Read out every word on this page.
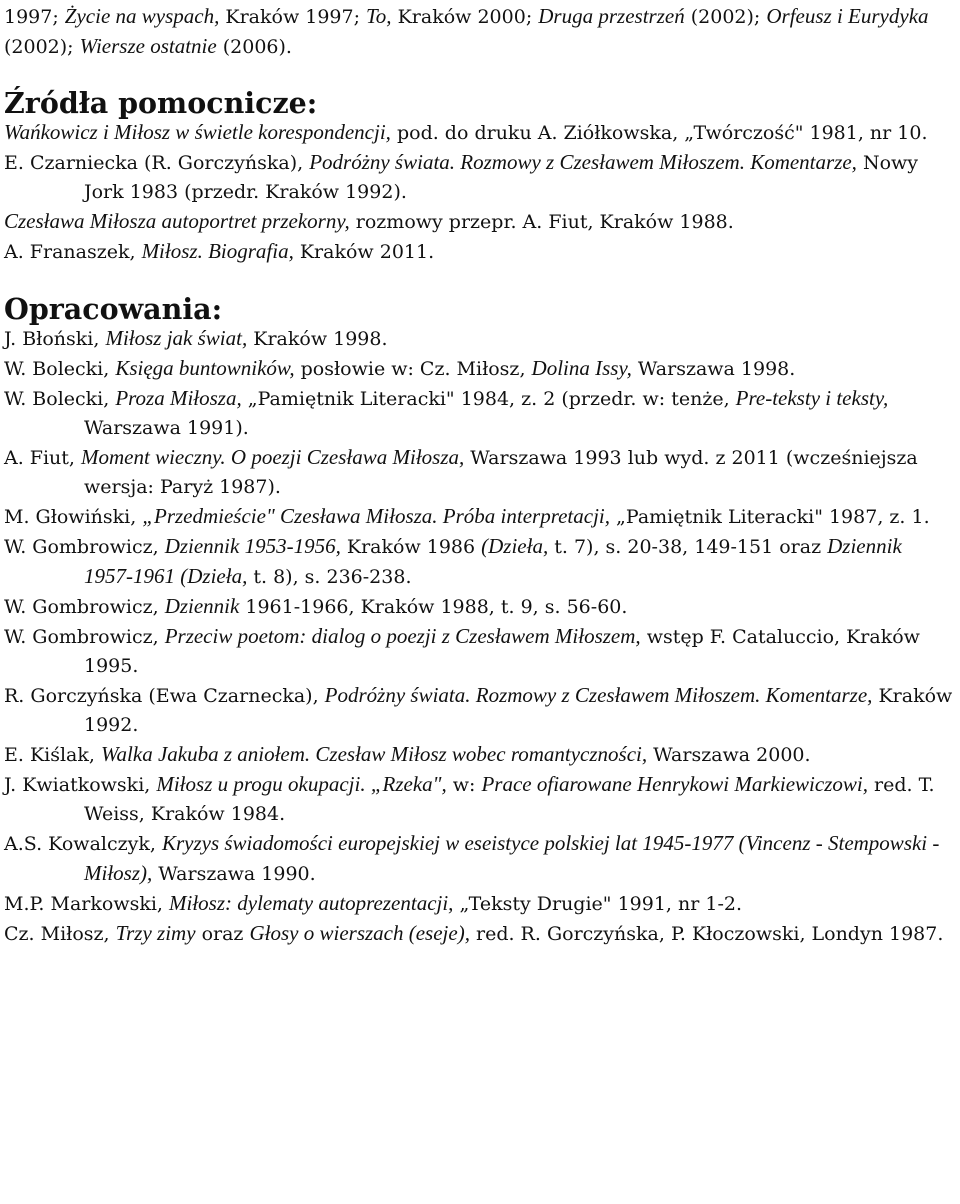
1997; Życie na wyspach, Kraków 1997; To, Kraków 2000; Druga przestrzeń (2002); Orfeusz i Eurydyka (2002); Wiersze ostatnie (2006).

Źródła pomocnicze:
Wańkowicz i Miłosz w świetle korespondencji, pod. do druku A. Ziółkowska, „Twórczość" 1981, nr 10.
E. Czarniecka (R. Gorczyńska), Podróżny świata. Rozmowy z Czesławem Miłoszem. Komentarze, Nowy Jork 1983 (przedr. Kraków 1992).
Czesława Miłosza autoportret przekorny, rozmowy przepr. A. Fiut, Kraków 1988.
A. Franaszek, Miłosz. Biografia, Kraków 2011.
Opracowania:
J. Błoński, Miłosz jak świat, Kraków 1998.
W. Bolecki, Księga buntowników, posłowie w: Cz. Miłosz, Dolina Issy, Warszawa 1998.
W. Bolecki, Proza Miłosza, „Pamiętnik Literacki" 1984, z. 2 (przedr. w: tenże, Pre-teksty i teksty, Warszawa 1991).
A. Fiut, Moment wieczny. O poezji Czesława Miłosza, Warszawa 1993 lub wyd. z 2011 (wcześniejsza wersja: Paryż 1987).
M. Głowiński, „Przedmieście" Czesława Miłosza. Próba interpretacji, „Pamiętnik Literacki" 1987, z. 1.
W. Gombrowicz, Dziennik 1953-1956, Kraków 1986 (Dzieła, t. 7), s. 20-38, 149-151 oraz Dziennik 1957-1961 (Dzieła, t. 8), s. 236-238.
W. Gombrowicz, Dziennik 1961-1966, Kraków 1988, t. 9, s. 56-60.
W. Gombrowicz, Przeciw poetom: dialog o poezji z Czesławem Miłoszem, wstęp F. Cataluccio, Kraków 1995.
R. Gorczyńska (Ewa Czarnecka), Podróżny świata. Rozmowy z Czesławem Miłoszem. Komentarze, Kraków 1992.
E. Kiślak, Walka Jakuba z aniołem. Czesław Miłosz wobec romantyczności, Warszawa 2000.
J. Kwiatkowski, Miłosz u progu okupacji. „Rzeka", w: Prace ofiarowane Henrykowi Markiewiczowi, red. T. Weiss, Kraków 1984.
A.S. Kowalczyk, Kryzys świadomości europejskiej w eseistyce polskiej lat 1945-1977 (Vincenz - Stempowski - Miłosz), Warszawa 1990.
M.P. Markowski, Miłosz: dylematy autoprezentacji, „Teksty Drugie" 1991, nr 1-2.
Cz. Miłosz, Trzy zimy oraz Głosy o wierszach (eseje), red. R. Gorczyńska, P. Kłoczowski, Londyn 1987.
